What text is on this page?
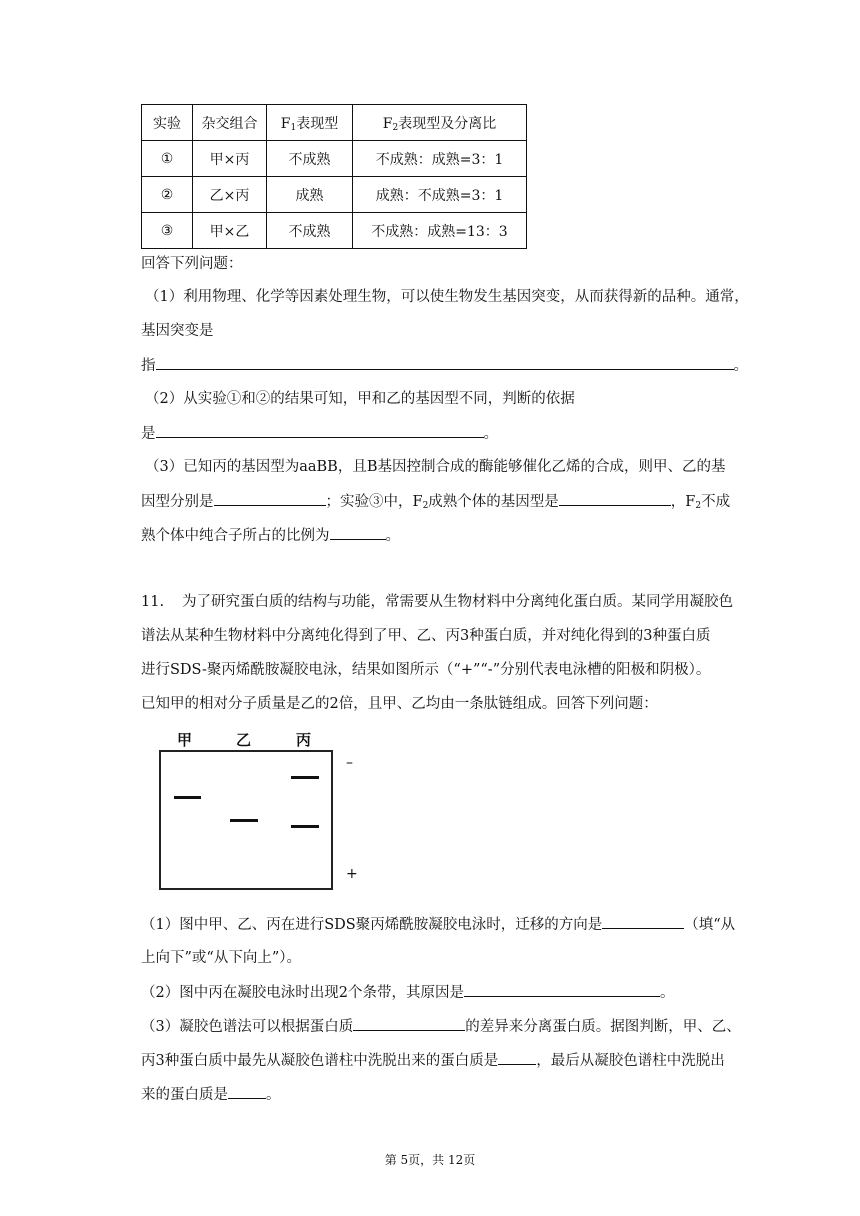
实验	杂交组合	$F_1$表现型	$F_2$表现型及分离比
①	甲×丙	不成熟	不成熟：成熟=3：1
②	乙×丙	成熟	成熟：不成熟=3：1
③	甲×乙	不成熟	不成熟：成熟=13：3
回答下列问题：
（1）利用物理、化学等因素处理生物，可以使生物发生基因突变，从而获得新的品种。通常，
基因突变是
指	。
（2）从实验①和②的结果可知，甲和乙的基因型不同，判断的依据
是	。
（3）已知丙的基因型为aaBB，且B基因控制合成的酶能够催化乙烯的合成，则甲、乙的基
因型分别是	；实验③中，$F_2$成熟个体的基因型是	，$F_2$不成
熟个体中纯合子所占的比例为	。
11. 为了研究蛋白质的结构与功能，常需要从生物材料中分离纯化蛋白质。某同学用凝胶色
谱法从某种生物材料中分离纯化得到了甲、乙、丙3种蛋白质，并对纯化得到的3种蛋白质
进行SDS-聚丙烯酰胺凝胶电泳，结果如图所示（“+”“-”分别代表电泳槽的阳极和阴极）。
已知甲的相对分子质量是乙的2倍，且甲、乙均由一条肽链组成。回答下列问题：
甲	乙	丙
–
+
（1）图中甲、乙、丙在进行SDS聚丙烯酰胺凝胶电泳时，迁移的方向是	（填“从
上向下”或“从下向上”）。
（2）图中丙在凝胶电泳时出现2个条带，其原因是	。
（3）凝胶色谱法可以根据蛋白质	的差异来分离蛋白质。据图判断，甲、乙、
丙3种蛋白质中最先从凝胶色谱柱中洗脱出来的蛋白质是	，最后从凝胶色谱柱中洗脱出
来的蛋白质是	。
第 5页，共 12页
